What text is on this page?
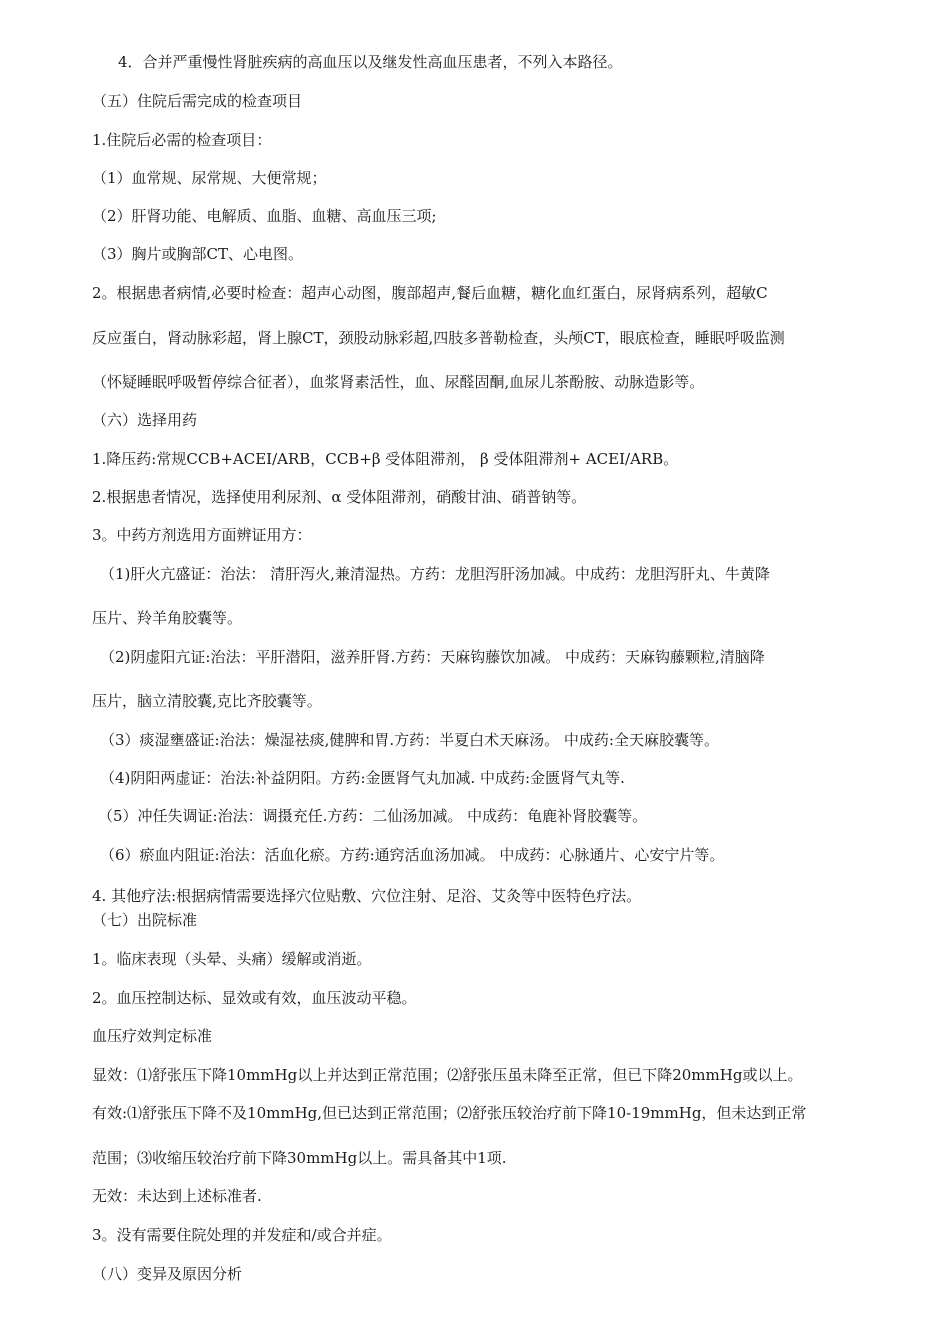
4．合并严重慢性肾脏疾病的高血压以及继发性高血压患者，不列入本路径。
（五）住院后需完成的检查项目
1.住院后必需的检查项目：
（1）血常规、尿常规、大便常规；
（2）肝肾功能、电解质、血脂、血糖、高血压三项;
（3）胸片或胸部CT、心电图。
2。根据患者病情,必要时检查：超声心动图，腹部超声,餐后血糖，糖化血红蛋白，尿肾病系列，超敏C
反应蛋白，肾动脉彩超，肾上腺CT，颈股动脉彩超,四肢多普勒检查，头颅CT，眼底检查，睡眠呼吸监测
（怀疑睡眠呼吸暂停综合征者），血浆肾素活性，血、尿醛固酮,血尿儿茶酚胺、动脉造影等。
（六）选择用药
1.降压药:常规CCB+ACEI/ARB，CCB+β 受体阻滞剂， β 受体阻滞剂+ ACEI/ARB。
2.根据患者情况，选择使用利尿剂、α 受体阻滞剂，硝酸甘油、硝普钠等。
3。中药方剂选用方面辨证用方：
（1)肝火亢盛证：治法： 清肝泻火,兼清湿热。方药：龙胆泻肝汤加减。中成药：龙胆泻肝丸、牛黄降
压片、羚羊角胶囊等。
（2)阴虚阳亢证:治法：平肝潜阳，滋养肝肾.方药：天麻钩藤饮加减。 中成药：天麻钩藤颗粒,清脑降
压片，脑立清胶囊,克比齐胶囊等。
（3）痰湿壅盛证:治法：燥湿祛痰,健脾和胃.方药：半夏白术天麻汤。 中成药:全天麻胶囊等。
（4)阴阳两虚证：治法:补益阴阳。方药:金匮肾气丸加减. 中成药:金匮肾气丸等.
（5）冲任失调证:治法：调摄充任.方药：二仙汤加减。 中成药：龟鹿补肾胶囊等。
（6）瘀血内阻证:治法：活血化瘀。方药:通窍活血汤加减。 中成药：心脉通片、心安宁片等。
4. 其他疗法:根据病情需要选择穴位贴敷、穴位注射、足浴、艾灸等中医特色疗法。
（七）出院标准
1。临床表现（头晕、头痛）缓解或消逝。
2。血压控制达标、显效或有效，血压波动平稳。
血压疗效判定标准
显效：⑴舒张压下降10mmHg以上并达到正常范围；⑵舒张压虽未降至正常，但已下降20mmHg或以上。
有效:⑴舒张压下降不及10mmHg,但已达到正常范围；⑵舒张压较治疗前下降10-19mmHg，但未达到正常
范围；⑶收缩压较治疗前下降30mmHg以上。需具备其中1项.
无效：未达到上述标准者.
3。没有需要住院处理的并发症和/或合并症。
（八）变异及原因分析
